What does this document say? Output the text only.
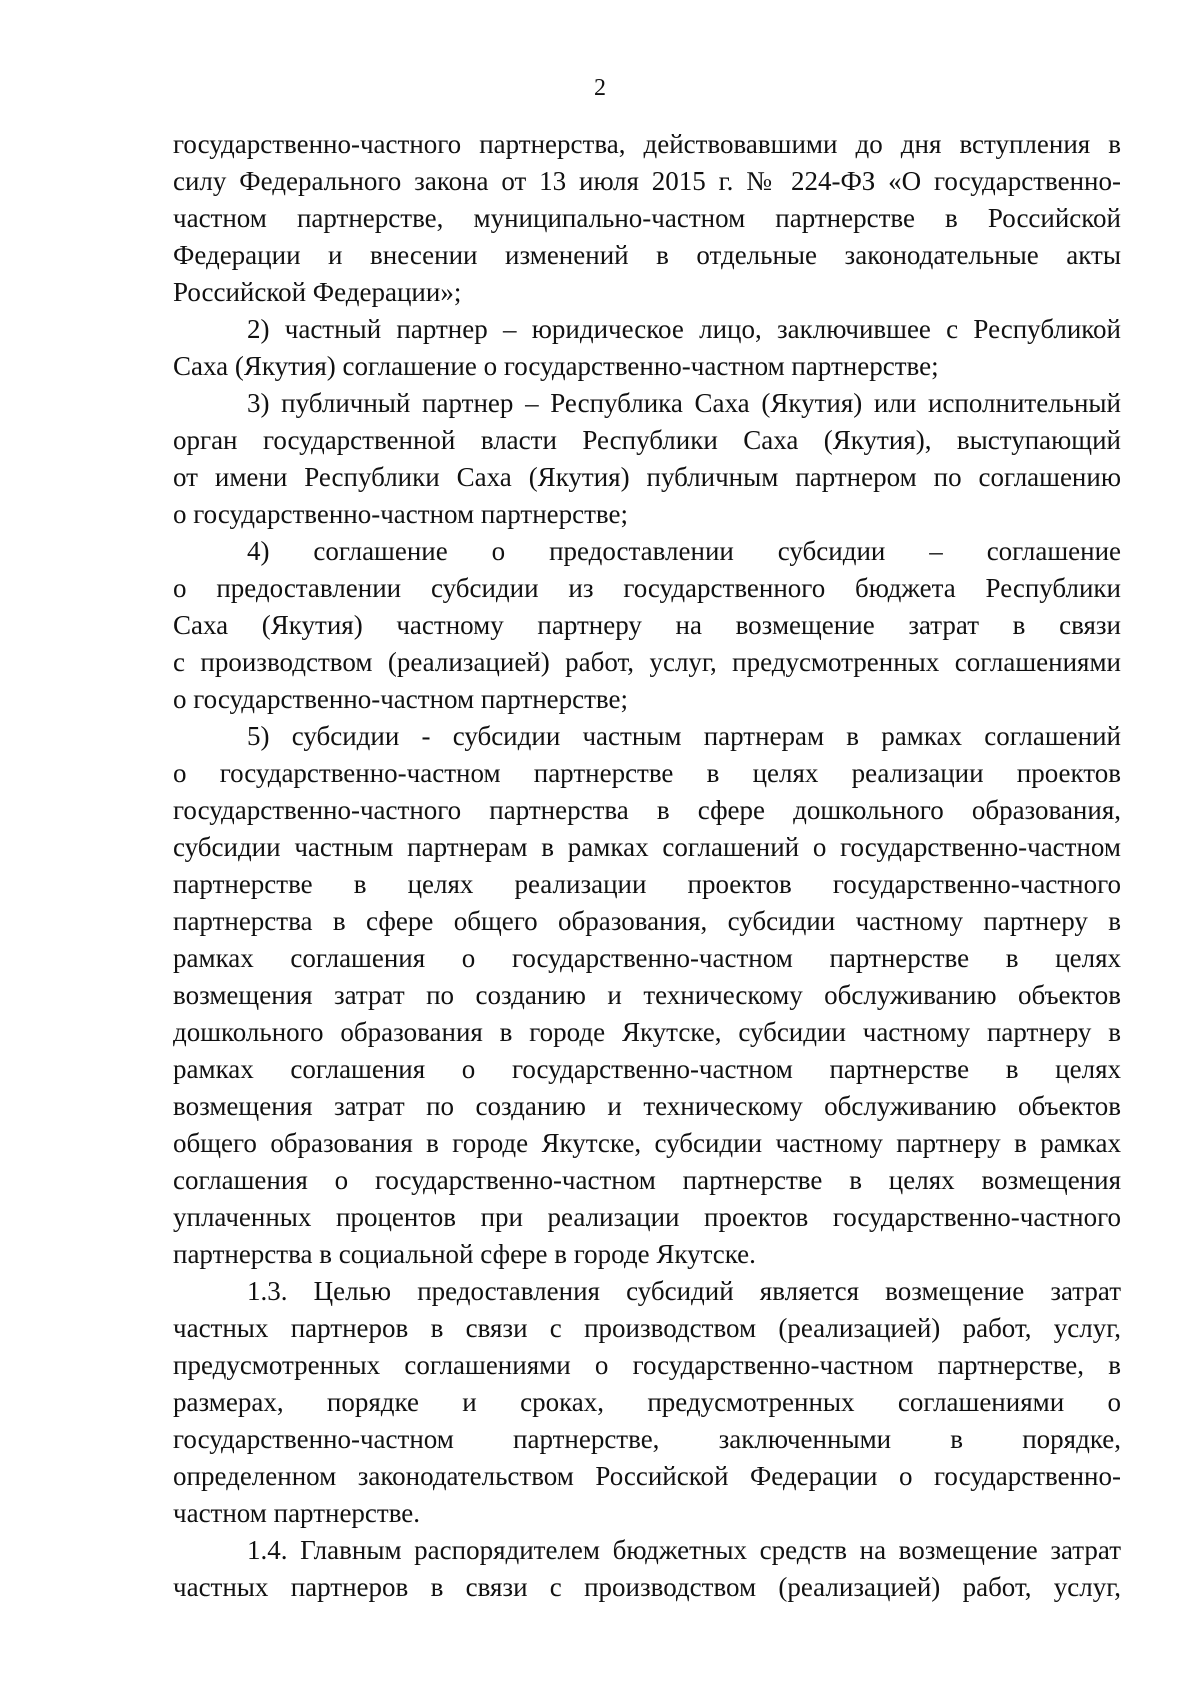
2
государственно-частного партнерства, действовавшими до дня вступления в
силу Федерального закона от 13 июля 2015 г. № 224-ФЗ «О государственно-
частном партнерстве, муниципально-частном партнерстве в Российской
Федерации и внесении изменений в отдельные законодательные акты
Российской Федерации»;
2) частный партнер – юридическое лицо, заключившее с Республикой
Саха (Якутия) соглашение о государственно-частном партнерстве;
3) публичный партнер – Республика Саха (Якутия) или исполнительный
орган государственной власти Республики Саха (Якутия), выступающий
от имени Республики Саха (Якутия) публичным партнером по соглашению
о государственно-частном партнерстве;
4) соглашение о предоставлении субсидии – соглашение
о предоставлении субсидии из государственного бюджета Республики
Саха (Якутия) частному партнеру на возмещение затрат в связи
с производством (реализацией) работ, услуг, предусмотренных соглашениями
о государственно-частном партнерстве;
5) субсидии - субсидии частным партнерам в рамках соглашений
о государственно-частном партнерстве в целях реализации проектов
государственно-частного партнерства в сфере дошкольного образования,
субсидии частным партнерам в рамках соглашений о государственно-частном
партнерстве в целях реализации проектов государственно-частного
партнерства в сфере общего образования, субсидии частному партнеру в
рамках соглашения о государственно-частном партнерстве в целях
возмещения затрат по созданию и техническому обслуживанию объектов
дошкольного образования в городе Якутске, субсидии частному партнеру в
рамках соглашения о государственно-частном партнерстве в целях
возмещения затрат по созданию и техническому обслуживанию объектов
общего образования в городе Якутске, субсидии частному партнеру в рамках
соглашения о государственно-частном партнерстве в целях возмещения
уплаченных процентов при реализации проектов государственно-частного
партнерства в социальной сфере в городе Якутске.
1.3. Целью предоставления субсидий является возмещение затрат
частных партнеров в связи с производством (реализацией) работ, услуг,
предусмотренных соглашениями о государственно-частном партнерстве, в
размерах, порядке и сроках, предусмотренных соглашениями о
государственно-частном партнерстве, заключенными в порядке,
определенном законодательством Российской Федерации о государственно-
частном партнерстве.
1.4. Главным распорядителем бюджетных средств на возмещение затрат
частных партнеров в связи с производством (реализацией) работ, услуг,
